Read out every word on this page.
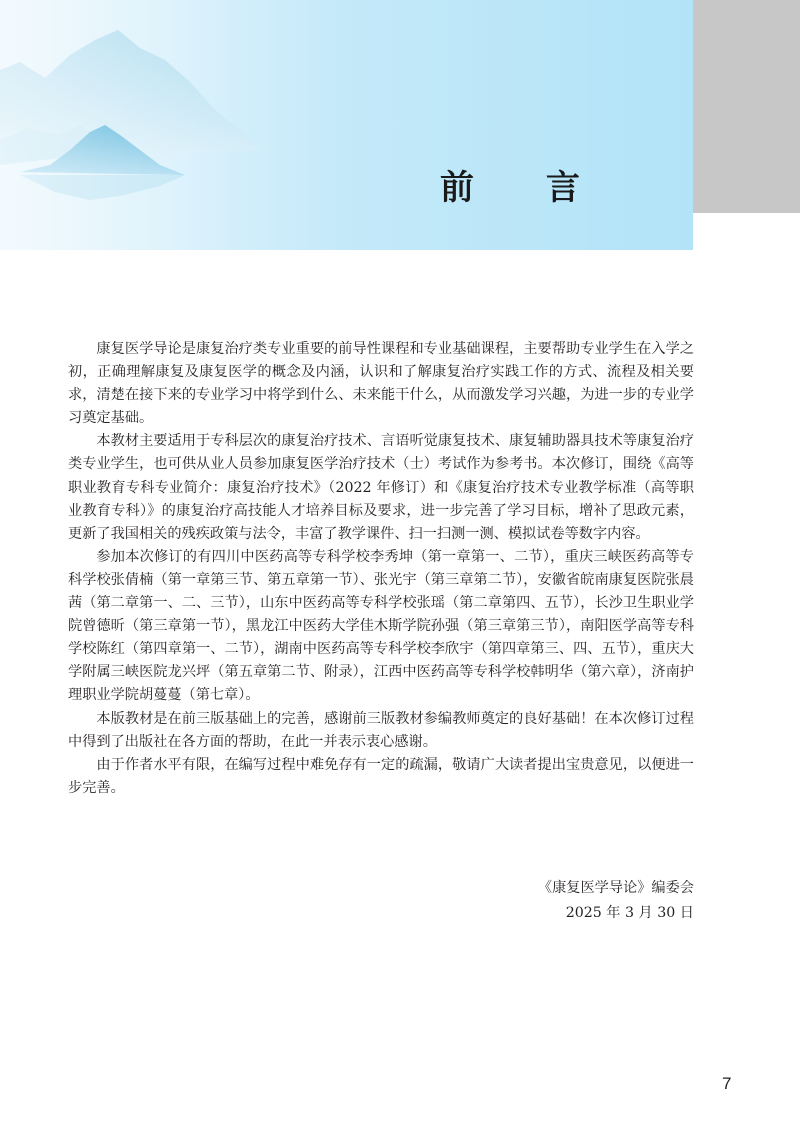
前 言

康复医学导论是康复治疗类专业重要的前导性课程和专业基础课程，主要帮助专业学生在入学之初，正确理解康复及康复医学的概念及内涵，认识和了解康复治疗实践工作的方式、流程及相关要求，清楚在接下来的专业学习中将学到什么、未来能干什么，从而激发学习兴趣，为进一步的专业学习奠定基础。

本教材主要适用于专科层次的康复治疗技术、言语听觉康复技术、康复辅助器具技术等康复治疗类专业学生，也可供从业人员参加康复医学治疗技术（士）考试作为参考书。本次修订，围绕《高等职业教育专科专业简介：康复治疗技术》（2022 年修订）和《康复治疗技术专业教学标准（高等职业教育专科）》的康复治疗高技能人才培养目标及要求，进一步完善了学习目标，增补了思政元素，更新了我国相关的残疾政策与法令，丰富了教学课件、扫一扫测一测、模拟试卷等数字内容。

参加本次修订的有四川中医药高等专科学校李秀坤（第一章第一、二节），重庆三峡医药高等专科学校张倩楠（第一章第三节、第五章第一节）、张光宇（第三章第二节），安徽省皖南康复医院张晨茜（第二章第一、二、三节），山东中医药高等专科学校张瑶（第二章第四、五节），长沙卫生职业学院曾德昕（第三章第一节），黑龙江中医药大学佳木斯学院孙强（第三章第三节），南阳医学高等专科学校陈红（第四章第一、二节），湖南中医药高等专科学校李欣宇（第四章第三、四、五节），重庆大学附属三峡医院龙兴坪（第五章第二节、附录），江西中医药高等专科学校韩明华（第六章），济南护理职业学院胡蔓蔓（第七章）。

本版教材是在前三版基础上的完善，感谢前三版教材参编教师奠定的良好基础！在本次修订过程中得到了出版社在各方面的帮助，在此一并表示衷心感谢。

由于作者水平有限，在编写过程中难免存有一定的疏漏，敬请广大读者提出宝贵意见，以便进一步完善。

《康复医学导论》编委会
2025 年 3 月 30 日
7
